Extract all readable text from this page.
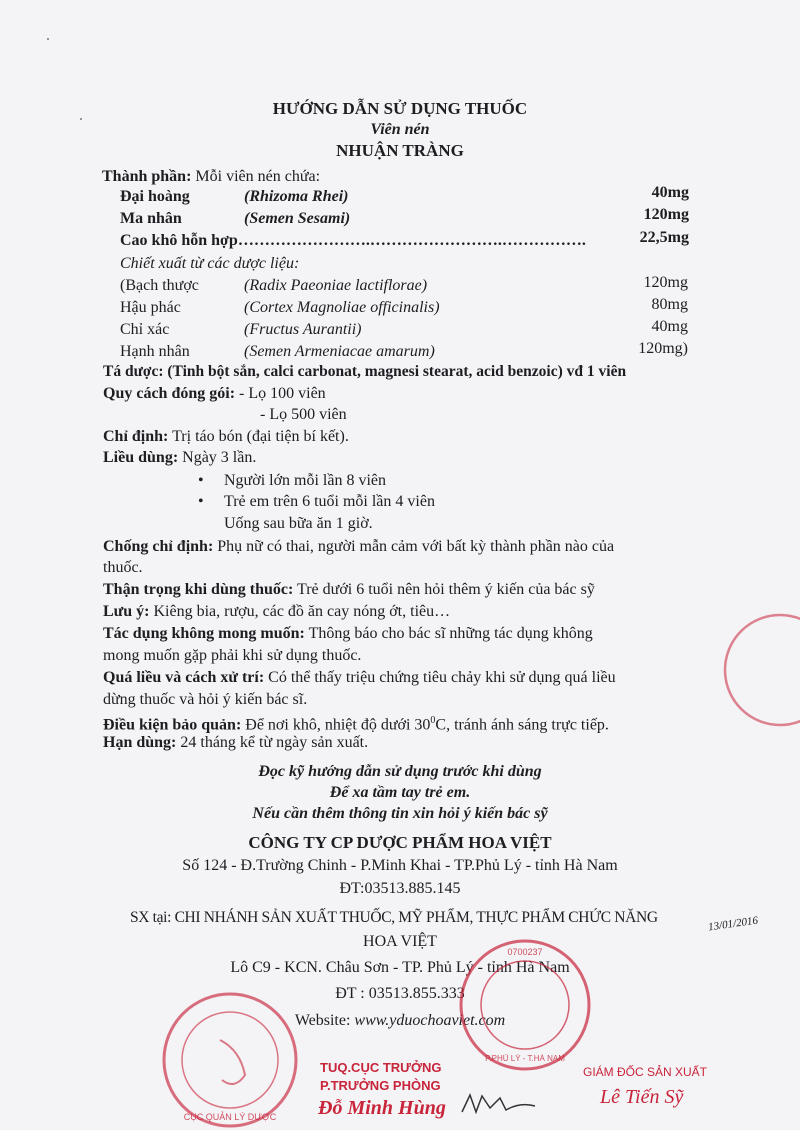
HƯỚNG DẪN SỬ DỤNG THUỐC
Viên nén
NHUẬN TRÀNG
Thành phần: Mỗi viên nén chứa:
Đại hoàng	(Rhizoma Rhei)	40mg
Ma nhân	(Semen Sesami)	120mg
Cao khô hỗn hợp…………………….…………………….…………….	22,5mg
Chiết xuất từ các dược liệu:
(Bạch thược	(Radix Paeoniae lactiflorae)	120mg
Hậu phác	(Cortex Magnoliae officinalis)	80mg
Chỉ xác	(Fructus Aurantii)	40mg
Hạnh nhân	(Semen Armeniacae amarum)	120mg)
Tá dược: (Tinh bột sắn, calci carbonat, magnesi stearat, acid benzoic) vđ 1 viên
Quy cách đóng gói: - Lọ 100 viên
- Lọ 500 viên
Chỉ định: Trị táo bón (đại tiện bí kết).
Liều dùng: Ngày 3 lần.
• Người lớn mỗi lần 8 viên
• Trẻ em trên 6 tuổi mỗi lần 4 viên
Uống sau bữa ăn 1 giờ.
Chống chỉ định: Phụ nữ có thai, người mẫn cảm với bất kỳ thành phần nào của
thuốc.
Thận trọng khi dùng thuốc: Trẻ dưới 6 tuổi nên hỏi thêm ý kiến của bác sỹ
Lưu ý: Kiêng bia, rượu, các đồ ăn cay nóng ớt, tiêu…
Tác dụng không mong muốn: Thông báo cho bác sĩ những tác dụng không
mong muốn gặp phải khi sử dụng thuốc.
Quá liều và cách xử trí: Có thể thấy triệu chứng tiêu chảy khi sử dụng quá liều
dừng thuốc và hỏi ý kiến bác sĩ.
Điều kiện bảo quản: Để nơi khô, nhiệt độ dưới $30^0C$, tránh ánh sáng trực tiếp.
Hạn dùng: 24 tháng kể từ ngày sản xuất.
Đọc kỹ hướng dẫn sử dụng trước khi dùng
Để xa tầm tay trẻ em.
Nếu cần thêm thông tin xin hỏi ý kiến bác sỹ
CÔNG TY CP DƯỢC PHẨM HOA VIỆT
Số 124 - Đ.Trường Chinh - P.Minh Khai - TP.Phủ Lý - tỉnh Hà Nam
ĐT:03513.885.145
SX tại: CHI NHÁNH SẢN XUẤT THUỐC, MỸ PHẨM, THỰC PHẨM CHỨC NĂNG
HOA VIỆT
Lô C9 - KCN. Châu Sơn - TP. Phủ Lý - tỉnh Hà Nam
ĐT : 03513.855.333
Website: www.yduochoaviet.com
13/01/2016
TUQ.CỤC TRƯỞNG
P.TRƯỞNG PHÒNG
Đỗ Minh Hùng
GIÁM ĐỐC SẢN XUẤT
Lê Tiến Sỹ
0700237
P.PHỦ LÝ - T.HÀ NAM
CỤC QUẢN LÝ DƯỢC
